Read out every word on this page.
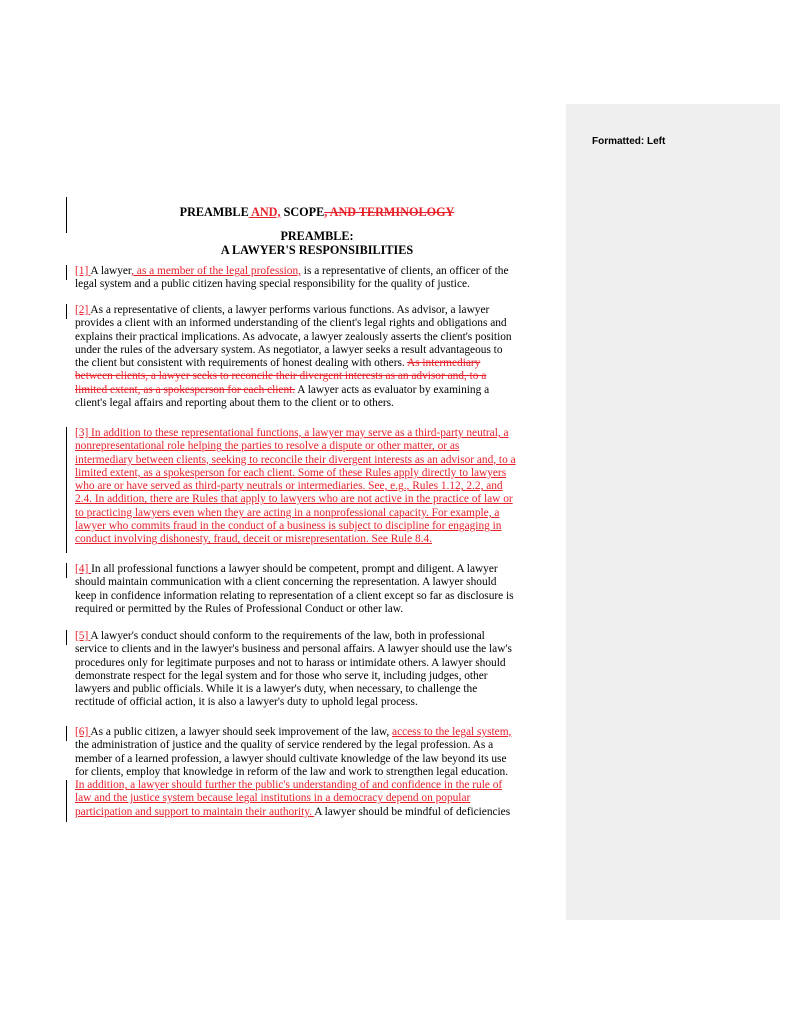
Formatted: Left
PREAMBLE AND, SCOPE, AND TERMINOLOGY
PREAMBLE:
A LAWYER'S RESPONSIBILITIES
[1] A lawyer, as a member of the legal profession, is a representative of clients, an officer of the
legal system and a public citizen having special responsibility for the quality of justice.
[2] As a representative of clients, a lawyer performs various functions. As advisor, a lawyer
provides a client with an informed understanding of the client's legal rights and obligations and
explains their practical implications. As advocate, a lawyer zealously asserts the client's position
under the rules of the adversary system. As negotiator, a lawyer seeks a result advantageous to
the client but consistent with requirements of honest dealing with others. As intermediary
between clients, a lawyer seeks to reconcile their divergent interests as an advisor and, to a
limited extent, as a spokesperson for each client. A lawyer acts as evaluator by examining a
client's legal affairs and reporting about them to the client or to others.
[3] In addition to these representational functions, a lawyer may serve as a third-party neutral, a
nonrepresentational role helping the parties to resolve a dispute or other matter, or as
intermediary between clients, seeking to reconcile their divergent interests as an advisor and, to a
limited extent, as a spokesperson for each client. Some of these Rules apply directly to lawyers
who are or have served as third-party neutrals or intermediaries. See, e.g., Rules 1.12, 2.2, and
2.4. In addition, there are Rules that apply to lawyers who are not active in the practice of law or
to practicing lawyers even when they are acting in a nonprofessional capacity. For example, a
lawyer who commits fraud in the conduct of a business is subject to discipline for engaging in
conduct involving dishonesty, fraud, deceit or misrepresentation. See Rule 8.4.
[4] In all professional functions a lawyer should be competent, prompt and diligent. A lawyer
should maintain communication with a client concerning the representation. A lawyer should
keep in confidence information relating to representation of a client except so far as disclosure is
required or permitted by the Rules of Professional Conduct or other law.
[5] A lawyer's conduct should conform to the requirements of the law, both in professional
service to clients and in the lawyer's business and personal affairs. A lawyer should use the law's
procedures only for legitimate purposes and not to harass or intimidate others. A lawyer should
demonstrate respect for the legal system and for those who serve it, including judges, other
lawyers and public officials. While it is a lawyer's duty, when necessary, to challenge the
rectitude of official action, it is also a lawyer's duty to uphold legal process.
[6] As a public citizen, a lawyer should seek improvement of the law, access to the legal system,
the administration of justice and the quality of service rendered by the legal profession. As a
member of a learned profession, a lawyer should cultivate knowledge of the law beyond its use
for clients, employ that knowledge in reform of the law and work to strengthen legal education.
In addition, a lawyer should further the public's understanding of and confidence in the rule of
law and the justice system because legal institutions in a democracy depend on popular
participation and support to maintain their authority. A lawyer should be mindful of deficiencies
